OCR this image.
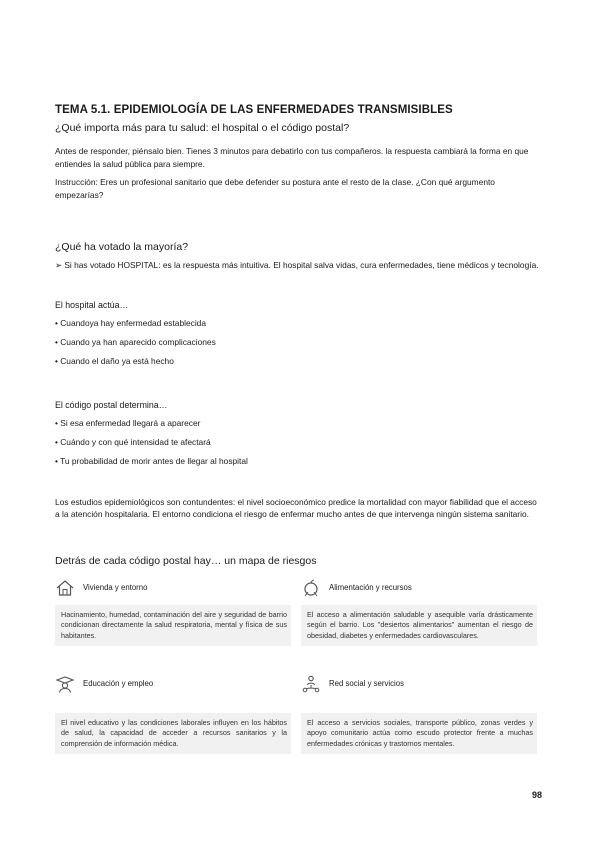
TEMA 5.1. EPIDEMIOLOGÍA DE LAS ENFERMEDADES TRANSMISIBLES
¿Qué importa más para tu salud: el hospital o el código postal?

Antes de responder, piénsalo bien. Tienes 3 minutos para debatirlo con tus compañeros. la respuesta cambiará la forma en que entiendes la salud pública para siempre.

Instrucción: Eres un profesional sanitario que debe defender su postura ante el resto de la clase. ¿Con qué argumento empezarías?

¿Qué ha votado la mayoría?

➢ Si has votado HOSPITAL: es la respuesta más intuitiva. El hospital salva vidas, cura enfermedades, tiene médicos y tecnología.

El hospital actúa…
• Cuandoya hay enfermedad establecida
• Cuando ya han aparecido complicaciones
• Cuando el daño ya está hecho
El código postal determina…
• Si esa enfermedad llegará a aparecer
• Cuándo y con qué intensidad te afectará
• Tu probabilidad de morir antes de llegar al hospital

Los estudios epidemiológicos son contundentes: el nivel socioeconómico predice la mortalidad con mayor fiabilidad que el acceso a la atención hospitalaria. El entorno condiciona el riesgo de enfermar mucho antes de que intervenga ningún sistema sanitario.

Detrás de cada código postal hay… un mapa de riesgos
Vivienda y entorno
Hacinamiento, humedad, contaminación del aire y seguridad de barrio condicionan directamente la salud respiratoria, mental y física de sus habitantes.
Alimentación y recursos
El acceso a alimentación saludable y asequible varía drásticamente según el barrio. Los "desiertos alimentarios" aumentan el riesgo de obesidad, diabetes y enfermedades cardiovasculares.
Educación y empleo
El nivel educativo y las condiciones laborales influyen en los hábitos de salud, la capacidad de acceder a recursos sanitarios y la comprensión de información médica.
Red social y servicios
El acceso a servicios sociales, transporte público, zonas verdes y apoyo comunitario actúa como escudo protector frente a muchas enfermedades crónicas y trastornos mentales.
98
